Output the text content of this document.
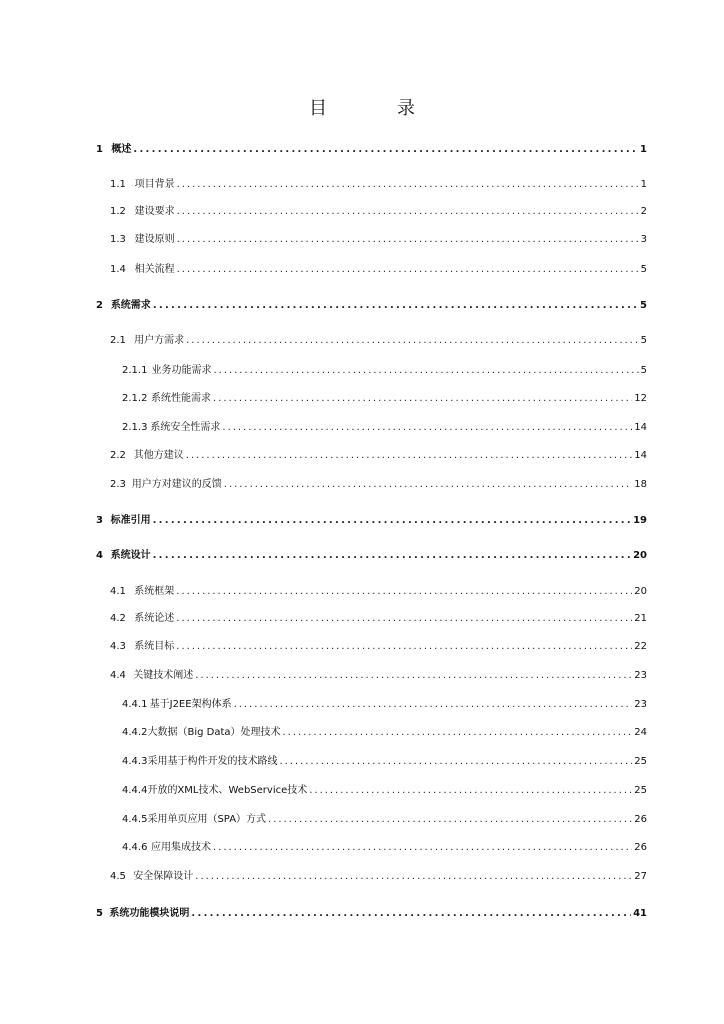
目	录
1 概述 . . .	1
1.1 项目背景 . . .	1
1.2 建设要求 . . .	2
1.3 建设原则 . . .	3
1.4 相关流程 . . .	5
2 系统需求 . . .	5
2.1 用户方需求 . . .	5
2.1.1 业务功能需求 . . .	5
2.1.2 系统性能需求 . . .	12
2.1.3 系统安全性需求 . . .	14
2.2 其他方建议 . . .	14
2.3 用户方对建议的反馈 . . .	18
3 标准引用 . . .	19
4 系统设计 . . .	20
4.1 系统框架 . . .	20
4.2 系统论述 . . .	21
4.3 系统目标 . . .	22
4.4 关键技术阐述 . . .	23
4.4.1 基于J2EE架构体系 . . .	23
4.4.2 大数据（Big Data）处理技术 . . .	24
4.4.3 采用基于构件开发的技术路线 . . .	25
4.4.4 开放的XML技术、WebService技术 . . .	25
4.4.5 采用单页应用（SPA）方式 . . .	26
4.4.6 应用集成技术 . . .	26
4.5 安全保障设计 . . .	27
5 系统功能模块说明 . . .	41
